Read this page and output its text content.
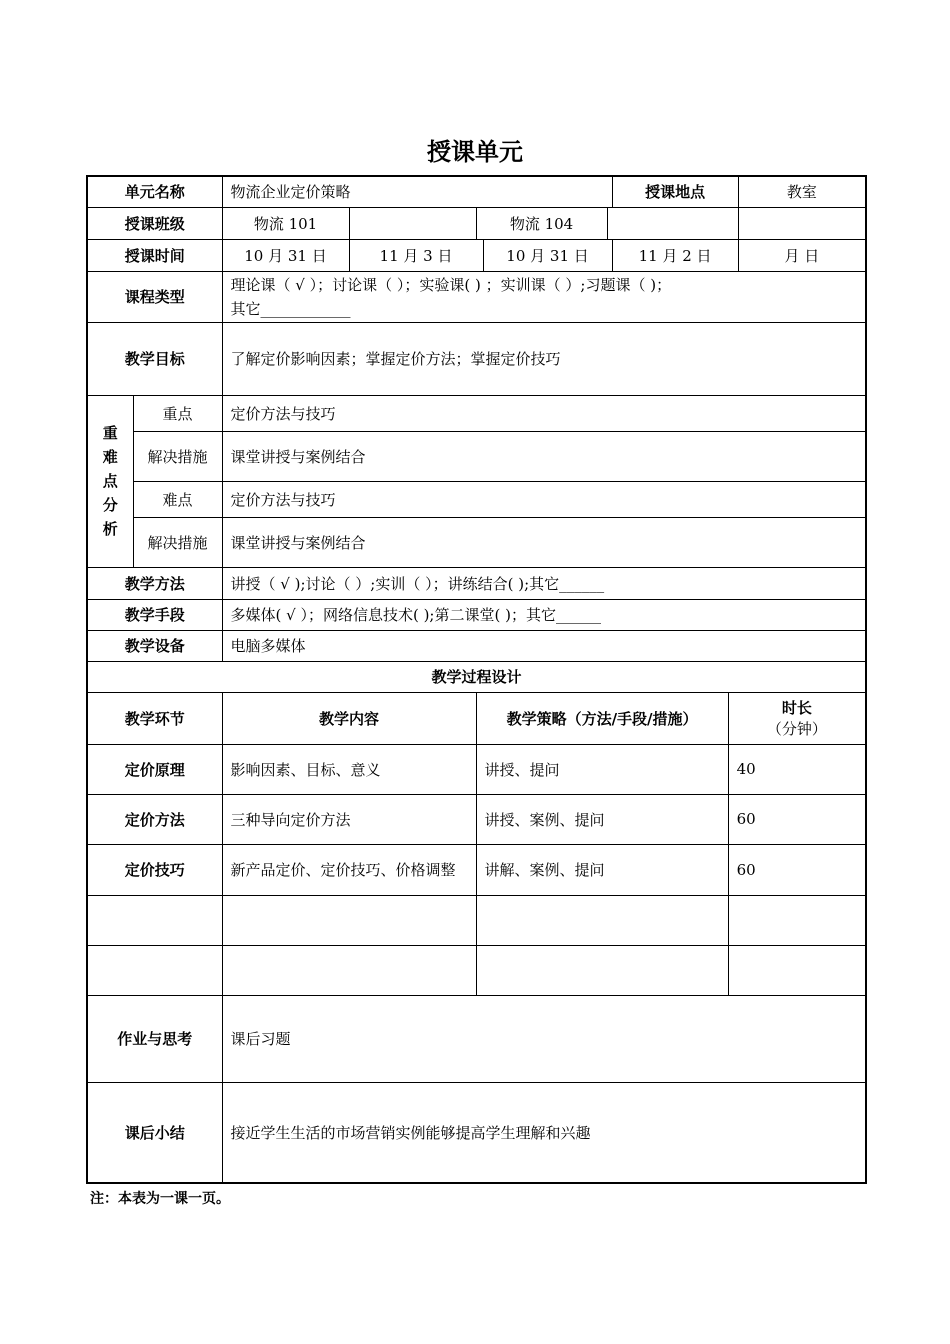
授课单元
单元名称		物流企业定价策略					授课地点		教室
授课班级		物流 101		物流 104					
授课时间		10 月 31 日	11 月 3 日		10 月 31 日		11 月 2 日		月 日
课程类型		理论课（ √ ）；讨论课（ ）；实验课( ) ；实训课（ ）;习题课（ )；
其它____________							

教学目标		了解定价影响因素；掌握定价方法；掌握定价技巧							

重
难
点
分
析	重点	定价方法与技巧							
	解决措施	课堂讲授与案例结合							
	难点	定价方法与技巧							
	解决措施	课堂讲授与案例结合							
教学方法		讲授（ √ );讨论（ ）;实训（ ）；讲练结合( );其它______							
教学手段		多媒体( √ ）；网络信息技术( );第二课堂( )；其它______							
教学设备		电脑多媒体							
教学过程设计									
教学环节		教学内容		教学策略（方法/手段/措施）				时长
（分钟）	

定价原理		影响因素、目标、意义		讲授、提问				40	
定价方法		三种导向定价方法		讲授、案例、提问				60	
定价技巧		新产品定价、定价技巧、价格调整		讲解、案例、提问				60	

作业与思考		课后习题							
课后小结		接近学生生活的市场营销实例能够提高学生理解和兴趣							
注：本表为一课一页。
